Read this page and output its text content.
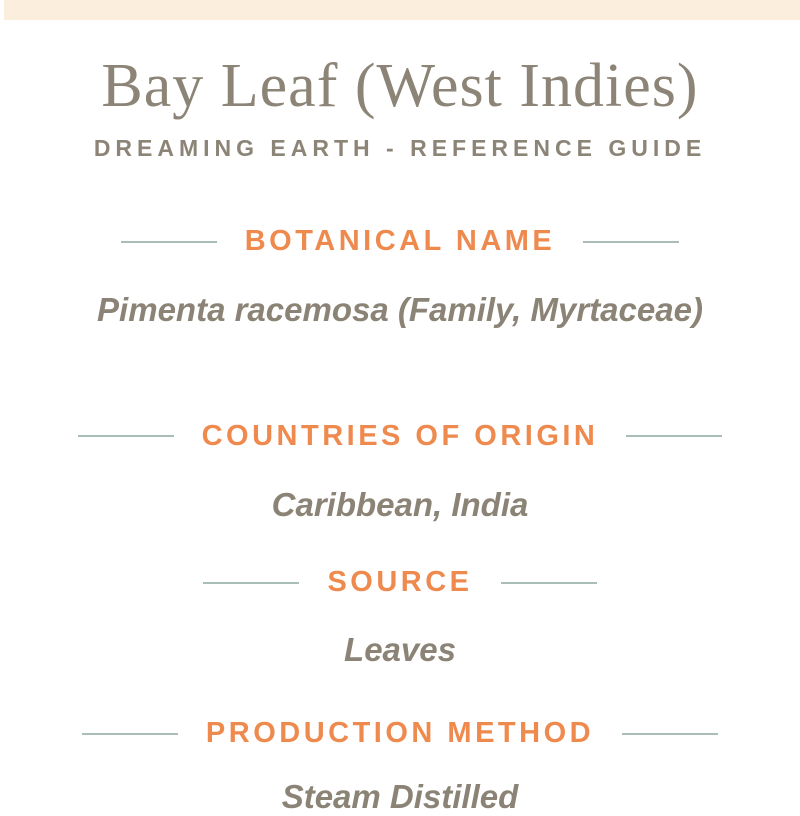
Bay Leaf (West Indies)
DREAMING EARTH - REFERENCE GUIDE
BOTANICAL NAME
Pimenta racemosa (Family, Myrtaceae)
COUNTRIES OF ORIGIN
Caribbean, India
SOURCE
Leaves
PRODUCTION METHOD
Steam Distilled
